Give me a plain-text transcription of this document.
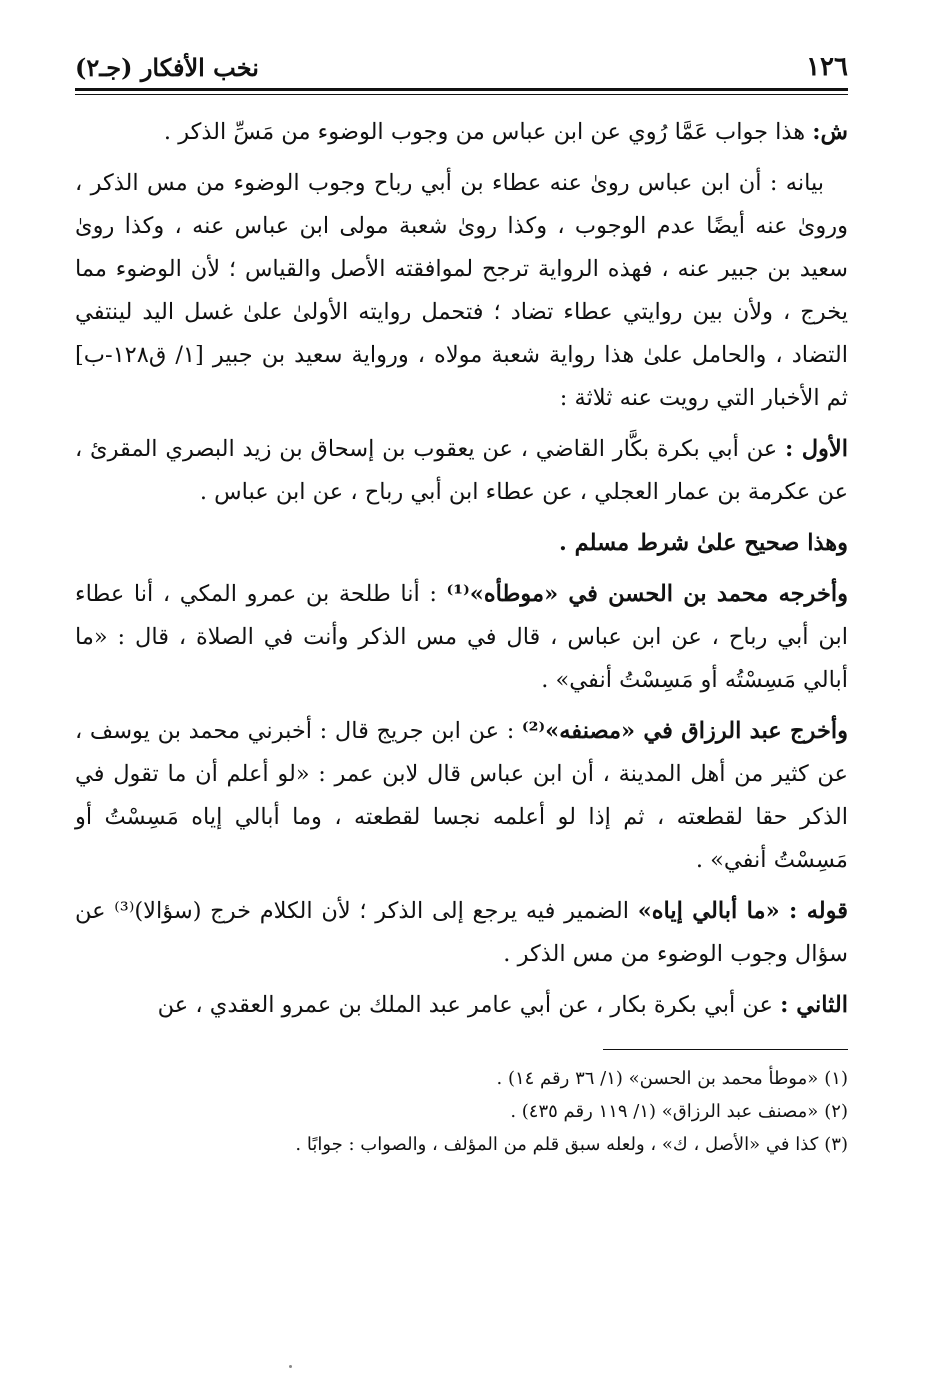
١٢٦
نخب الأفكار (جـ٢)

ش: هذا جواب عَمَّا رُوي عن ابن عباس من وجوب الوضوء من مَسِّ الذكر .

بيانه : أن ابن عباس روىٰ عنه عطاء بن أبي رباح وجوب الوضوء من مس الذكر ، وروىٰ عنه أيضًا عدم الوجوب ، وكذا روىٰ شعبة مولى ابن عباس عنه ، وكذا روىٰ سعيد بن جبير عنه ، فهذه الرواية ترجح لموافقته الأصل والقياس ؛ لأن الوضوء مما يخرج ، ولأن بين روايتي عطاء تضاد ؛ فتحمل روايته الأولىٰ علىٰ غسل اليد لينتفي التضاد ، والحامل علىٰ هذا رواية شعبة مولاه ، ورواية سعيد بن جبير [١/ ق١٢٨-ب] ثم الأخبار التي رويت عنه ثلاثة :

الأول : عن أبي بكرة بكَّار القاضي ، عن يعقوب بن إسحاق بن زيد البصري المقرئ ، عن عكرمة بن عمار العجلي ، عن عطاء ابن أبي رباح ، عن ابن عباس .

وهذا صحيح علىٰ شرط مسلم .

وأخرجه محمد بن الحسن في «موطأه»⁽¹⁾ : أنا طلحة بن عمرو المكي ، أنا عطاء ابن أبي رباح ، عن ابن عباس ، قال في مس الذكر وأنت في الصلاة ، قال : «ما أبالي مَسِسْتُه أو مَسِسْتُ أنفي» .

وأخرج عبد الرزاق في «مصنفه»⁽²⁾ : عن ابن جريج قال : أخبرني محمد بن يوسف ، عن كثير من أهل المدينة ، أن ابن عباس قال لابن عمر : «لو أعلم أن ما تقول في الذكر حقا لقطعته ، ثم إذا لو أعلمه نجسا لقطعته ، وما أبالي إياه مَسِسْتُ أو مَسِسْتُ أنفي» .

قوله : «ما أبالي إياه» الضمير فيه يرجع إلى الذكر ؛ لأن الكلام خرج (سؤالا)⁽³⁾ عن سؤال وجوب الوضوء من مس الذكر .

الثاني : عن أبي بكرة بكار ، عن أبي عامر عبد الملك بن عمرو العقدي ، عن

(١)«موطأ محمد بن الحسن» (١/ ٣٦ رقم ١٤) .

(٢)«مصنف عبد الرزاق» (١/ ١١٩ رقم ٤٣٥) .

(٣)كذا في «الأصل ، ك» ، ولعله سبق قلم من المؤلف ، والصواب : جوابًا .
